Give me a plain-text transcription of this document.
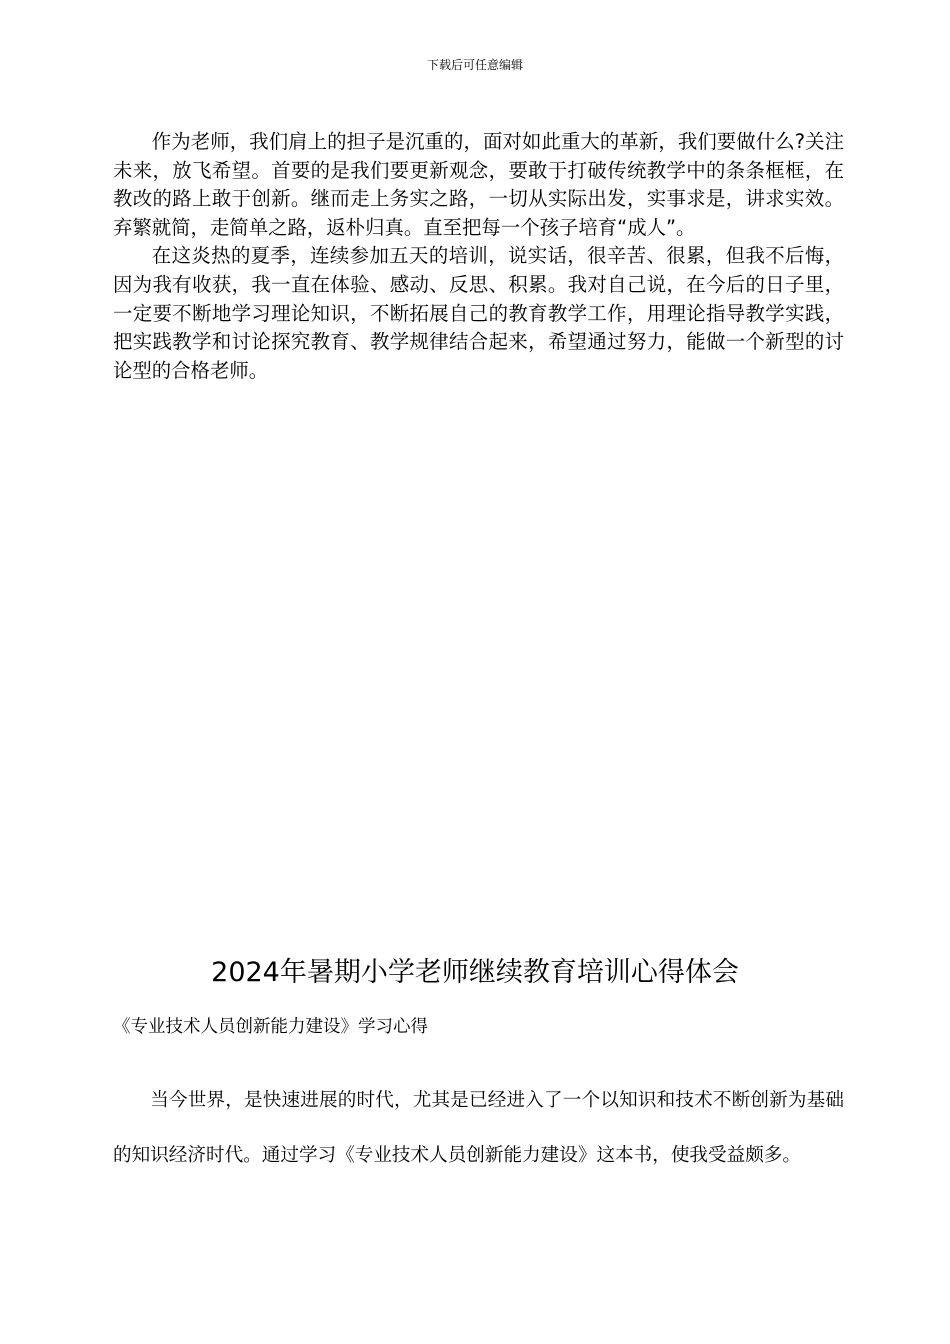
下载后可任意编辑

作为老师，我们肩上的担子是沉重的，面对如此重大的革新，我们要做什么?关注未来，放飞希望。首要的是我们要更新观念，要敢于打破传统教学中的条条框框，在教改的路上敢于创新。继而走上务实之路，一切从实际出发，实事求是，讲求实效。弃繁就简，走简单之路，返朴归真。直至把每一个孩子培育“成人”。

在这炎热的夏季，连续参加五天的培训，说实话，很辛苦、很累，但我不后悔，因为我有收获，我一直在体验、感动、反思、积累。我对自己说，在今后的日子里，一定要不断地学习理论知识，不断拓展自己的教育教学工作，用理论指导教学实践，把实践教学和讨论探究教育、教学规律结合起来，希望通过努力，能做一个新型的讨论型的合格老师。

2024年暑期小学老师继续教育培训心得体会
《专业技术人员创新能力建设》学习心得

当今世界，是快速进展的时代，尤其是已经进入了一个以知识和技术不断创新为基础的知识经济时代。通过学习《专业技术人员创新能力建设》这本书，使我受益颇多。
